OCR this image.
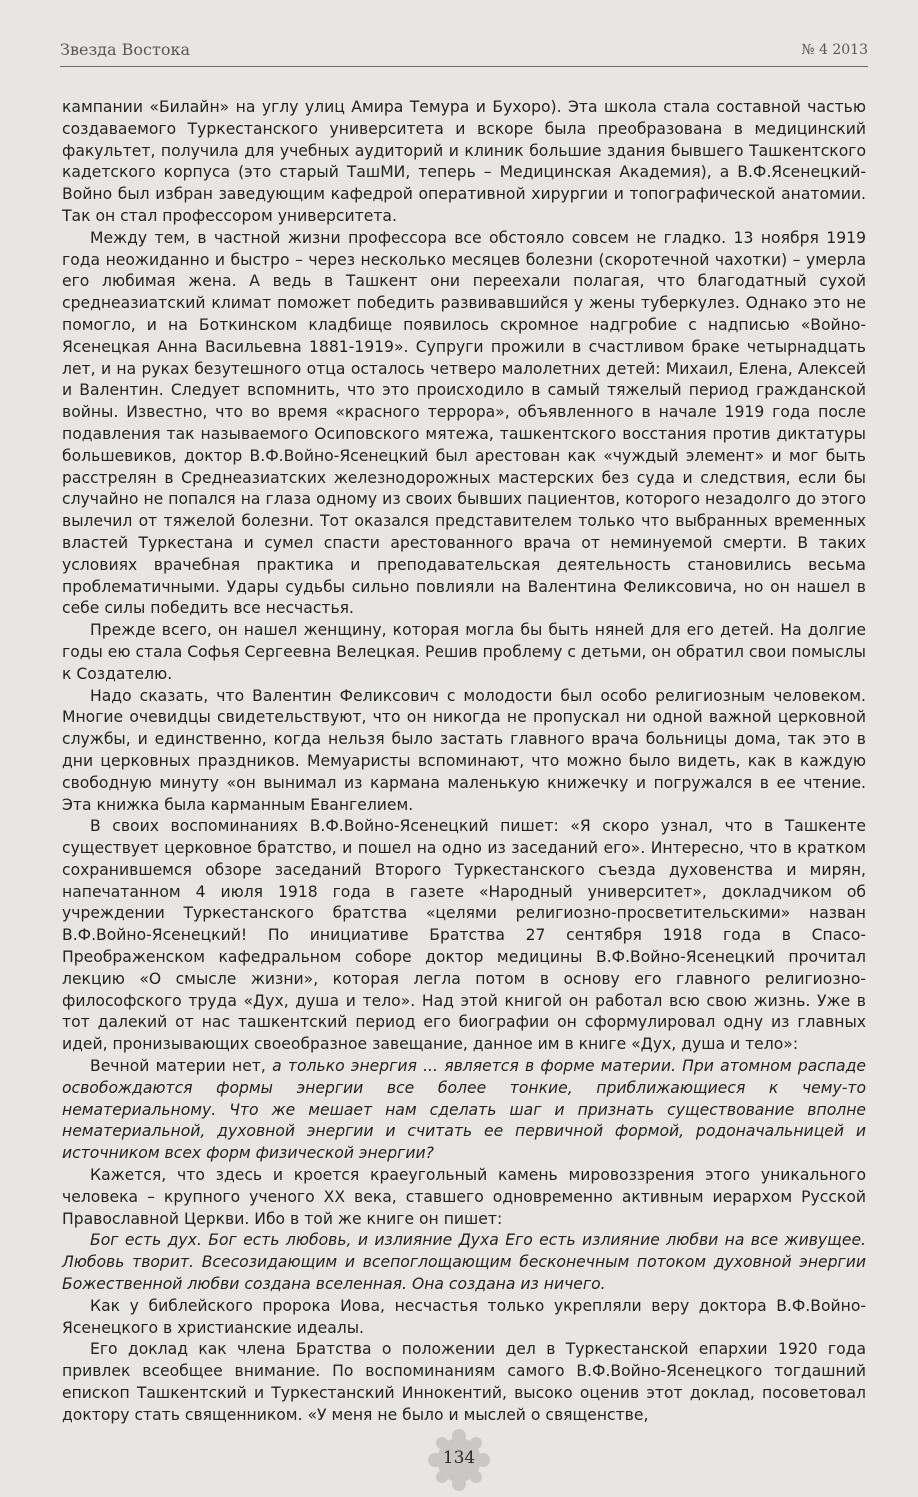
Звезда Востока	№ 4 2013

кампании «Билайн» на углу улиц Амира Темура и Бухоро). Эта школа стала составной частью создаваемого Туркестанского университета и вскоре была преобразована в медицинский факультет, получила для учебных аудиторий и клиник большие здания бывшего Ташкентского кадетского корпуса (это старый ТашМИ, теперь – Медицинская Академия), а В.Ф.Ясенецкий-Войно был избран заведующим кафедрой оперативной хирургии и топографической анатомии. Так он стал профессором университета.

Между тем, в частной жизни профессора все обстояло совсем не гладко. 13 ноября 1919 года неожиданно и быстро – через несколько месяцев болезни (скоротечной чахотки) – умерла его любимая жена. А ведь в Ташкент они переехали полагая, что благодатный сухой среднеазиатский климат поможет победить развивавшийся у жены туберкулез. Однако это не помогло, и на Боткинском кладбище появилось скромное надгробие с надписью «Войно-Ясенецкая Анна Васильевна 1881-1919». Супруги прожили в счастливом браке четырнадцать лет, и на руках безутешного отца осталось четверо малолетних детей: Михаил, Елена, Алексей и Валентин. Следует вспомнить, что это происходило в самый тяжелый период гражданской войны. Известно, что во время «красного террора», объявленного в начале 1919 года после подавления так называемого Осиповского мятежа, ташкентского восстания против диктатуры большевиков, доктор В.Ф.Войно-Ясенецкий был арестован как «чуждый элемент» и мог быть расстрелян в Среднеазиатских железнодорожных мастерских без суда и следствия, если бы случайно не попался на глаза одному из своих бывших пациентов, которого незадолго до этого вылечил от тяжелой болезни. Тот оказался представителем только что выбранных временных властей Туркестана и сумел спасти арестованного врача от неминуемой смерти. В таких условиях врачебная практика и преподавательская деятельность становились весьма проблематичными. Удары судьбы сильно повлияли на Валентина Феликсовича, но он нашел в себе силы победить все несчастья.

Прежде всего, он нашел женщину, которая могла бы быть няней для его детей. На долгие годы ею стала Софья Сергеевна Велецкая. Решив проблему с детьми, он обратил свои помыслы к Создателю.

Надо сказать, что Валентин Феликсович с молодости был особо религиозным человеком. Многие очевидцы свидетельствуют, что он никогда не пропускал ни одной важной церковной службы, и единственно, когда нельзя было застать главного врача больницы дома, так это в дни церковных праздников. Мемуаристы вспоминают, что можно было видеть, как в каждую свободную минуту «он вынимал из кармана маленькую книжечку и погружался в ее чтение. Эта книжка была карманным Евангелием.

В своих воспоминаниях В.Ф.Войно-Ясенецкий пишет: «Я скоро узнал, что в Ташкенте существует церковное братство, и пошел на одно из заседаний его». Интересно, что в кратком сохранившемся обзоре заседаний Второго Туркестанского съезда духовенства и мирян, напечатанном 4 июля 1918 года в газете «Народный университет», докладчиком об учреждении Туркестанского братства «целями религиозно-просветительскими» назван В.Ф.Войно-Ясенецкий! По инициативе Братства 27 сентября 1918 года в Спасо-Преображенском кафедральном соборе доктор медицины В.Ф.Войно-Ясенецкий прочитал лекцию «О смысле жизни», которая легла потом в основу его главного религиозно-философского труда «Дух, душа и тело». Над этой книгой он работал всю свою жизнь. Уже в тот далекий от нас ташкентский период его биографии он сформулировал одну из главных идей, пронизывающих своеобразное завещание, данное им в книге «Дух, душа и тело»:

Вечной материи нет, а только энергия ... является в форме материи. При атомном распаде освобождаются формы энергии все более тонкие, приближающиеся к чему-то нематериальному. Что же мешает нам сделать шаг и признать существование вполне нематериальной, духовной энергии и считать ее первичной формой, родоначальницей и источником всех форм физической энергии?

Кажется, что здесь и кроется краеугольный камень мировоззрения этого уникального человека – крупного ученого XX века, ставшего одновременно активным иерархом Русской Православной Церкви. Ибо в той же книге он пишет:

Бог есть дух. Бог есть любовь, и излияние Духа Его есть излияние любви на все живущее. Любовь творит. Всесозидающим и всепоглощающим бесконечным потоком духовной энергии Божественной любви создана вселенная. Она создана из ничего.

Как у библейского пророка Иова, несчастья только укрепляли веру доктора В.Ф.Войно-Ясенецкого в христианские идеалы.

Его доклад как члена Братства о положении дел в Туркестанской епархии 1920 года привлек всеобщее внимание. По воспоминаниям самого В.Ф.Войно-Ясенецкого тогдашний епископ Ташкентский и Туркестанский Иннокентий, высоко оценив этот доклад, посоветовал доктору стать священником. «У меня не было и мыслей о священстве,

134
